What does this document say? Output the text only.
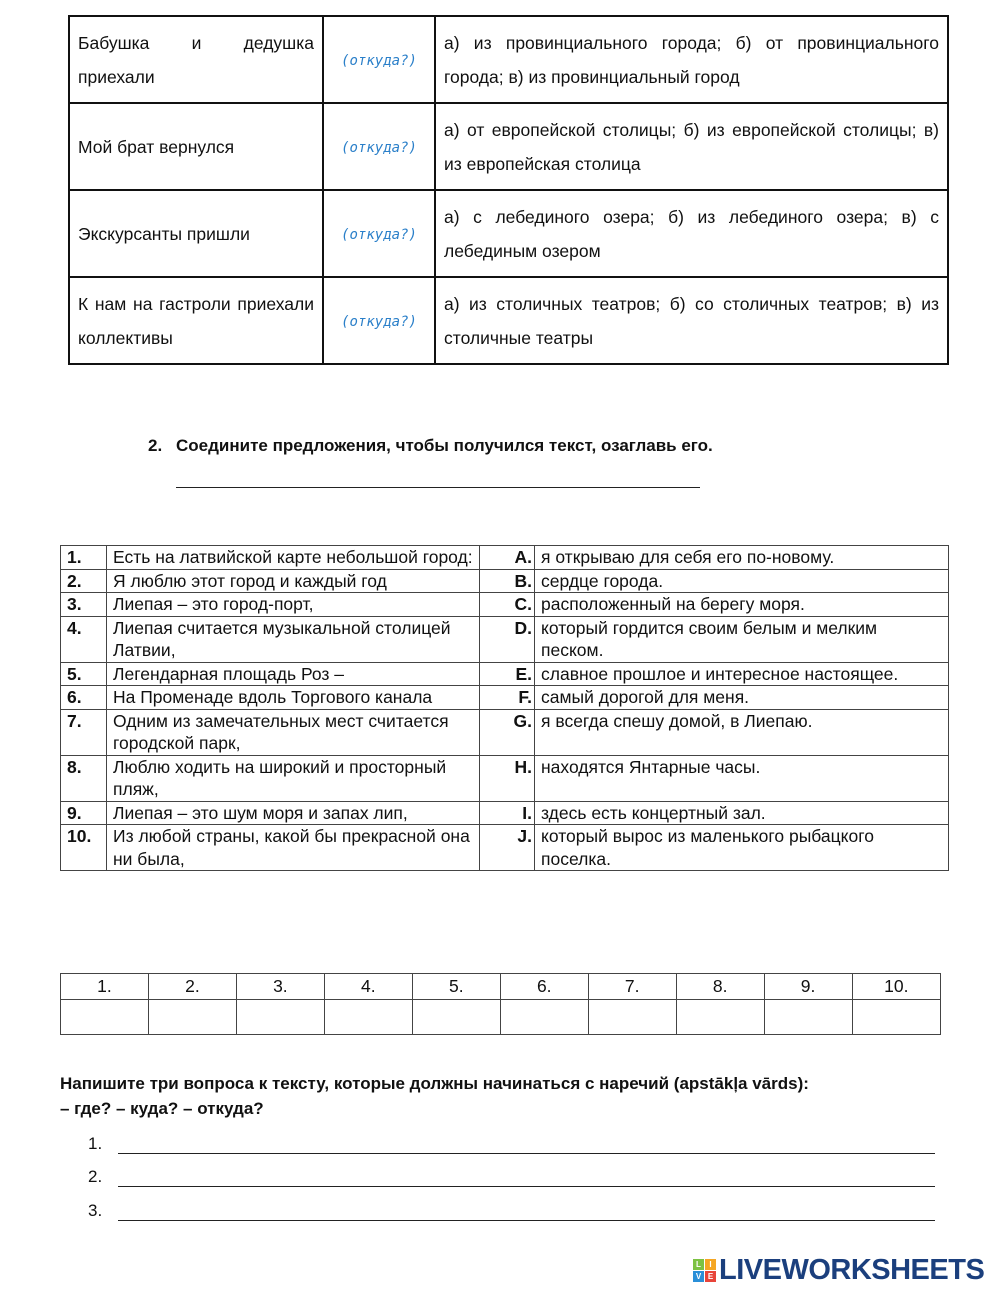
Бабушка и дедушка приехали	(откуда?)	а) из провинциального города; б) от провинциального города; в) из провинциальный город
Мой брат вернулся	(откуда?)	а) от европейской столицы; б) из европейской столицы; в) из европейская столица
Экскурсанты пришли	(откуда?)	а) с лебединого озера; б) из лебединого озера; в) с лебединым озером
К нам на гастроли приехали коллективы	(откуда?)	а) из столичных театров; б) со столичных театров; в) из столичные театры
2. Соедините предложения, чтобы получился текст, озаглавь его.
1.	Есть на латвийской карте небольшой город:	A.	я открываю для себя его по-новому.
2.	Я люблю этот город и каждый год	B.	сердце города.
3.	Лиепая – это город-порт,	C.	расположенный на берегу моря.
4.	Лиепая считается музыкальной столицей Латвии,	D.	который гордится своим белым и мелким песком.
5.	Легендарная площадь Роз –	E.	славное прошлое и интересное настоящее.
6.	На Променаде вдоль Торгового канала	F.	самый дорогой для меня.
7.	Одним из замечательных мест считается городской парк,	G.	я всегда спешу домой, в Лиепаю.
8.	Люблю ходить на широкий и просторный пляж,	H.	находятся Янтарные часы.
9.	Лиепая – это шум моря и запах лип,	I.	здесь есть концертный зал.
10.	Из любой страны, какой бы прекрасной она ни была,	J.	который вырос из маленького рыбацкого поселка.
1.	2.	3.	4.	5.	6.	7.	8.	9.	10.

Напишите три вопроса к тексту, которые должны начинаться с наречий (apstākļa vārds):
– где? – куда? – откуда?
1.
2.
3.
L	I
V E LIVEWORKSHEETS
